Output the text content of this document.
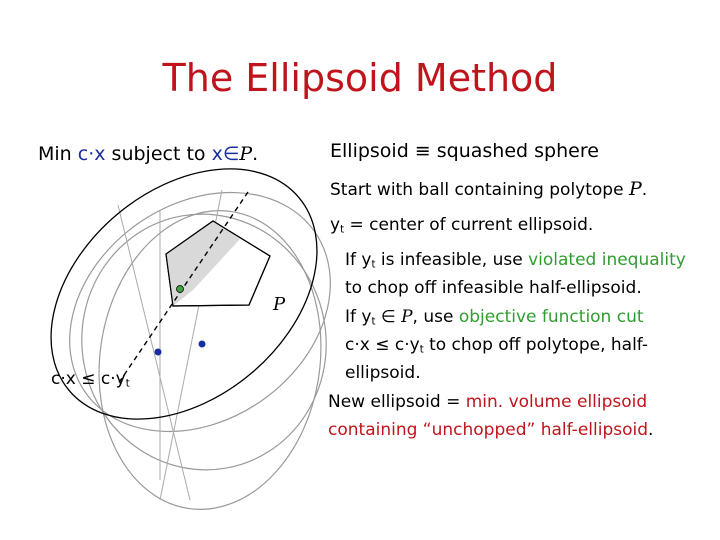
The Ellipsoid Method
Min c·x subject to x∈P.
P
$c\cdot x \le c\cdot y_t$
Ellipsoid ≡ squashed sphere
Start with ball containing polytope P.
$y_t$ = center of current ellipsoid.
If $y_t$ is infeasible, use violated inequality
to chop off infeasible half-ellipsoid.
If $y_t$ ∈ P, use objective function cut
$c\cdot x \le c\cdot y_t$ to chop off polytope, half-
ellipsoid.
New ellipsoid = min. volume ellipsoid
containing “unchopped” half-ellipsoid.
